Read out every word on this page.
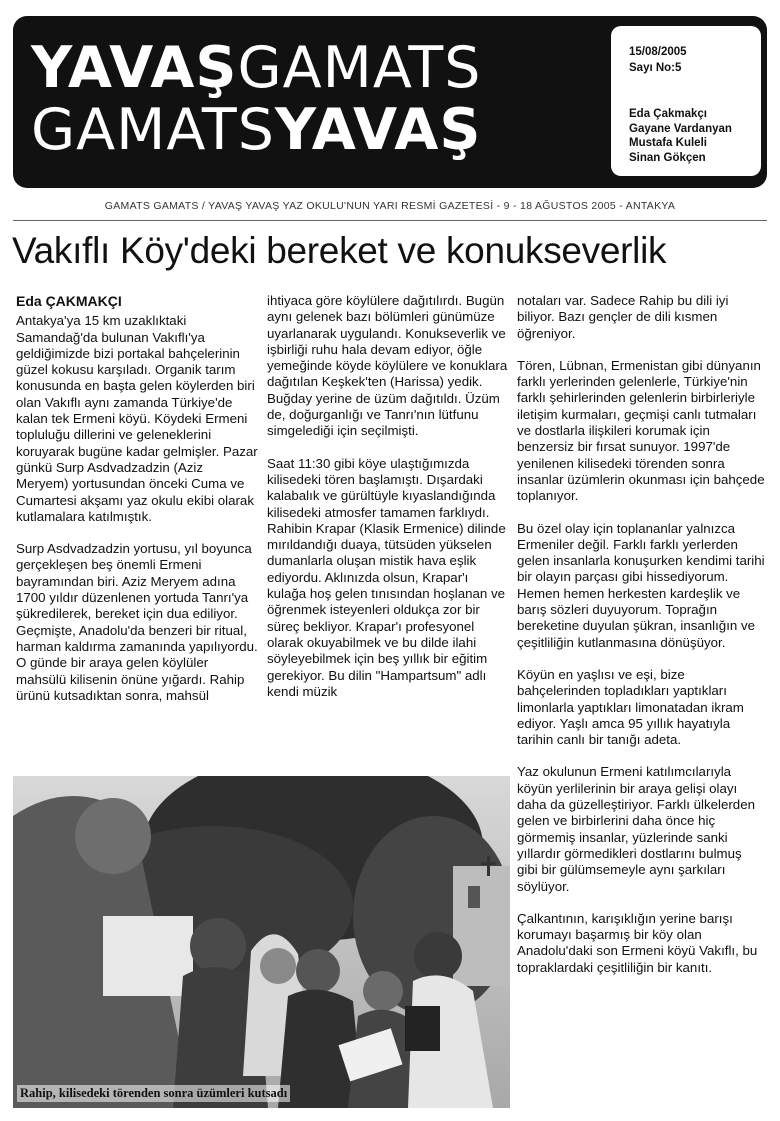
YAVAŞGAMATS
GAMATSYAVAŞ
15/08/2005
Sayı No:5
Eda Çakmakçı
Gayane Vardanyan
Mustafa Kuleli
Sinan Gökçen
GAMATS GAMATS / YAVAŞ YAVAŞ YAZ OKULU'NUN YARI RESMİ GAZETESİ - 9 - 18 AĞUSTOS 2005 - ANTAKYA
Vakıflı Köy'deki bereket ve konukseverlik
Eda ÇAKMAKÇI

Antakya'ya 15 km uzaklıktaki Samandağ'da bulunan Vakıflı'ya geldiğimizde bizi portakal bahçelerinin güzel kokusu karşıladı. Organik tarım konusunda en başta gelen köylerden biri olan Vakıflı aynı zamanda Türkiye'de kalan tek Ermeni köyü. Köydeki Ermeni topluluğu dillerini ve geleneklerini koruyarak bugüne kadar gelmişler. Pazar günkü Surp Asdvadzadzin (Aziz Meryem) yortusundan önceki Cuma ve Cumartesi akşamı yaz okulu ekibi olarak kutlamalara katılmıştık.

Surp Asdvadzadzin yortusu, yıl boyunca gerçekleşen beş önemli Ermeni bayramından biri. Aziz Meryem adına 1700 yıldır düzenlenen yortuda Tanrı'ya şükredilerek, bereket için dua ediliyor. Geçmişte, Anadolu'da benzeri bir ritual, harman kaldırma zamanında yapılıyordu. O günde bir araya gelen köylüler mahsülü kilisenin önüne yığardı. Rahip ürünü kutsadıktan sonra, mahsül

ihtiyaca göre köylülere dağıtılırdı. Bugün aynı gelenek bazı bölümleri günümüze uyarlanarak uygulandı. Konukseverlik ve işbirliği ruhu hala devam ediyor, öğle yemeğinde köyde köylülere ve konuklara dağıtılan Keşkek'ten (Harissa) yedik. Buğday yerine de üzüm dağıtıldı. Üzüm de, doğurganlığı ve Tanrı'nın lütfunu simgelediği için seçilmişti.

Saat 11:30 gibi köye ulaştığımızda kilisedeki tören başlamıştı. Dışardaki kalabalık ve gürültüyle kıyaslandığında kilisedeki atmosfer tamamen farklıydı. Rahibin Krapar (Klasik Ermenice) dilinde mırıldandığı duaya, tütsüden yükselen dumanlarla oluşan mistik hava eşlik ediyordu. Aklınızda olsun, Krapar'ı kulağa hoş gelen tınısından hoşlanan ve öğrenmek isteyenleri oldukça zor bir süreç bekliyor. Krapar'ı profesyonel olarak okuyabilmek ve bu dilde ilahi söyleyebilmek için beş yıllık bir eğitim gerekiyor. Bu dilin "Hampartsum" adlı kendi müzik

notaları var. Sadece Rahip bu dili iyi biliyor. Bazı gençler de dili kısmen öğreniyor.

Tören, Lübnan, Ermenistan gibi dünyanın farklı yerlerinden gelenlerle, Türkiye'nin farklı şehirlerinden gelenlerin birbirleriyle iletişim kurmaları, geçmişi canlı tutmaları ve dostlarla ilişkileri korumak için benzersiz bir fırsat sunuyor. 1997'de yenilenen kilisedeki törenden sonra insanlar üzümlerin okunması için bahçede toplanıyor.

Bu özel olay için toplananlar yalnızca Ermeniler değil. Farklı farklı yerlerden gelen insanlarla konuşurken kendimi tarihi bir olayın parçası gibi hissediyorum. Hemen hemen herkesten kardeşlik ve barış sözleri duyuyorum. Toprağın bereketine duyulan şükran, insanlığın ve çeşitliliğin kutlanmasına dönüşüyor.

Köyün en yaşlısı ve eşi, bize bahçelerinden topladıkları yaptıkları limonlarla yaptıkları limonatadan ikram ediyor. Yaşlı amca 95 yıllık hayatıyla tarihin canlı bir tanığı adeta.

Yaz okulunun Ermeni katılımcılarıyla köyün yerlilerinin bir araya gelişi olayı daha da güzelleştiriyor. Farklı ülkelerden gelen ve birbirlerini daha önce hiç görmemiş insanlar, yüzlerinde sanki yıllardır görmedikleri dostlarını bulmuş gibi bir gülümsemeyle aynı şarkıları söylüyor.

Çalkantının, karışıklığın yerine barışı korumayı başarmış bir köy olan Anadolu'daki son Ermeni köyü Vakıflı, bu topraklardaki çeşitliliğin bir kanıtı.

Rahip, kilisedeki törenden sonra üzümleri kutsadı
